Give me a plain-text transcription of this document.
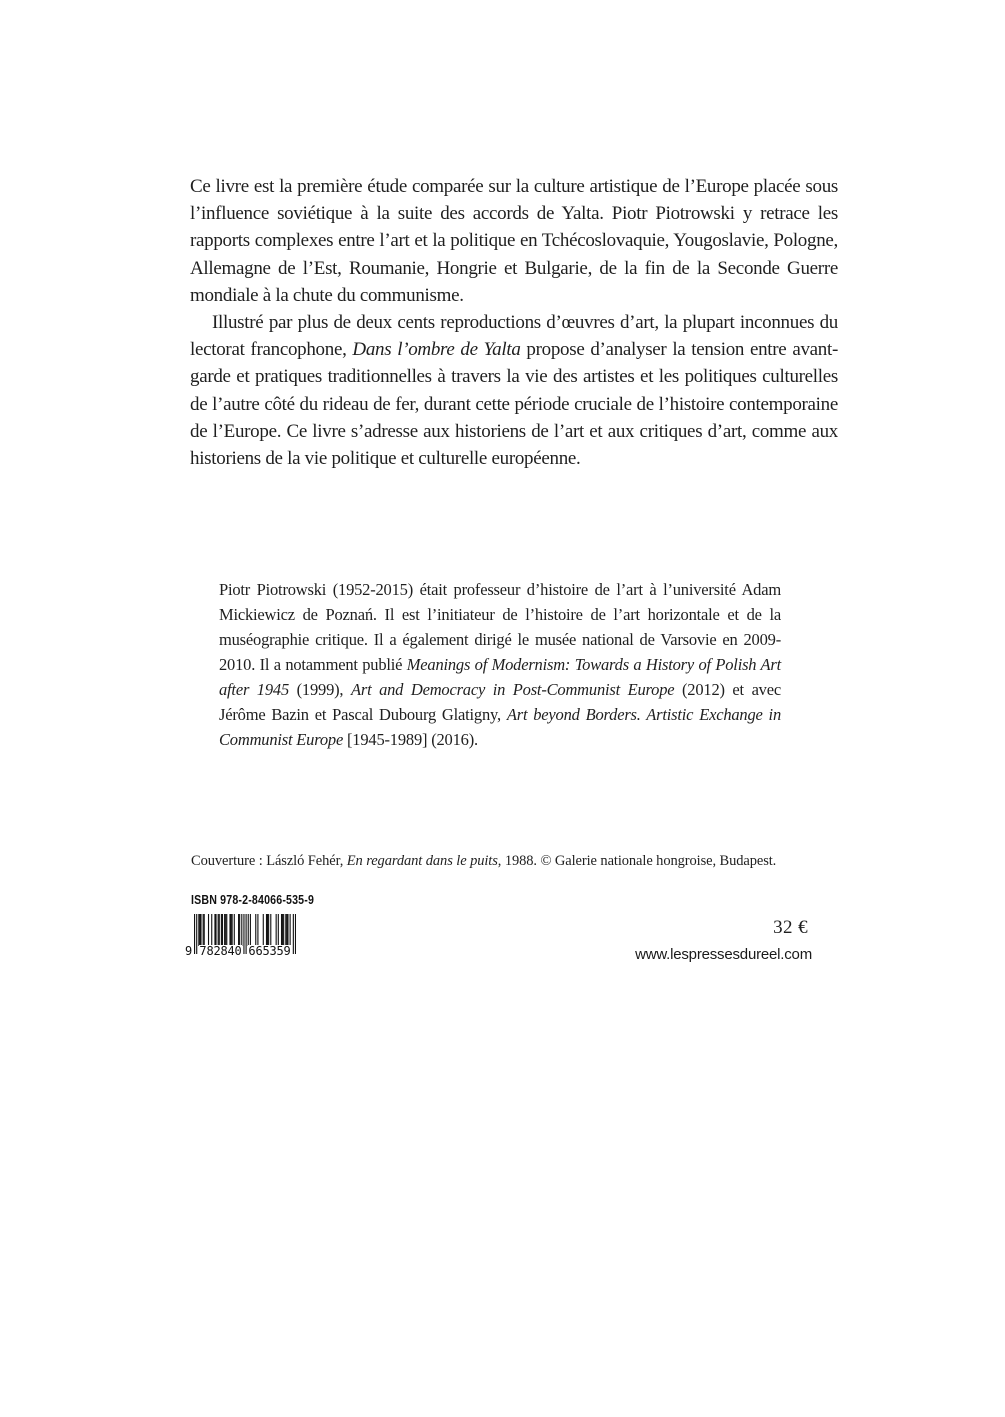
Ce livre est la première étude comparée sur la culture artistique de l’Europe placée sous l’influence soviétique à la suite des accords de Yalta. Piotr Piotrowski y retrace les rapports complexes entre l’art et la politique en Tchécoslovaquie, Yougoslavie, Pologne, Allemagne de l’Est, Roumanie, Hongrie et Bulgarie, de la fin de la Seconde Guerre mondiale à la chute du communisme.

Illustré par plus de deux cents reproductions d’œuvres d’art, la plupart inconnues du lectorat francophone, Dans l’ombre de Yalta propose d’analyser la tension entre avant-garde et pratiques traditionnelles à travers la vie des artistes et les politiques culturelles de l’autre côté du rideau de fer, durant cette période cruciale de l’histoire contemporaine de l’Europe. Ce livre s’adresse aux historiens de l’art et aux critiques d’art, comme aux historiens de la vie politique et culturelle européenne.

Piotr Piotrowski (1952-2015) était professeur d’histoire de l’art à l’université Adam Mickiewicz de Poznań. Il est l’initiateur de l’histoire de l’art horizontale et de la muséographie critique. Il a également dirigé le musée national de Varsovie en 2009-2010. Il a notamment publié Meanings of Modernism: Towards a History of Polish Art after 1945 (1999), Art and Democracy in Post-Communist Europe (2012) et avec Jérôme Bazin et Pascal Dubourg Glatigny, Art beyond Borders. Artistic Exchange in Communist Europe [1945-1989] (2016).

Couverture : László Fehér, En regardant dans le puits, 1988. © Galerie nationale hongroise, Budapest.

ISBN 978-2-84066-535-9
9 782840 665359
32 €
www.lespressesdureel.com
